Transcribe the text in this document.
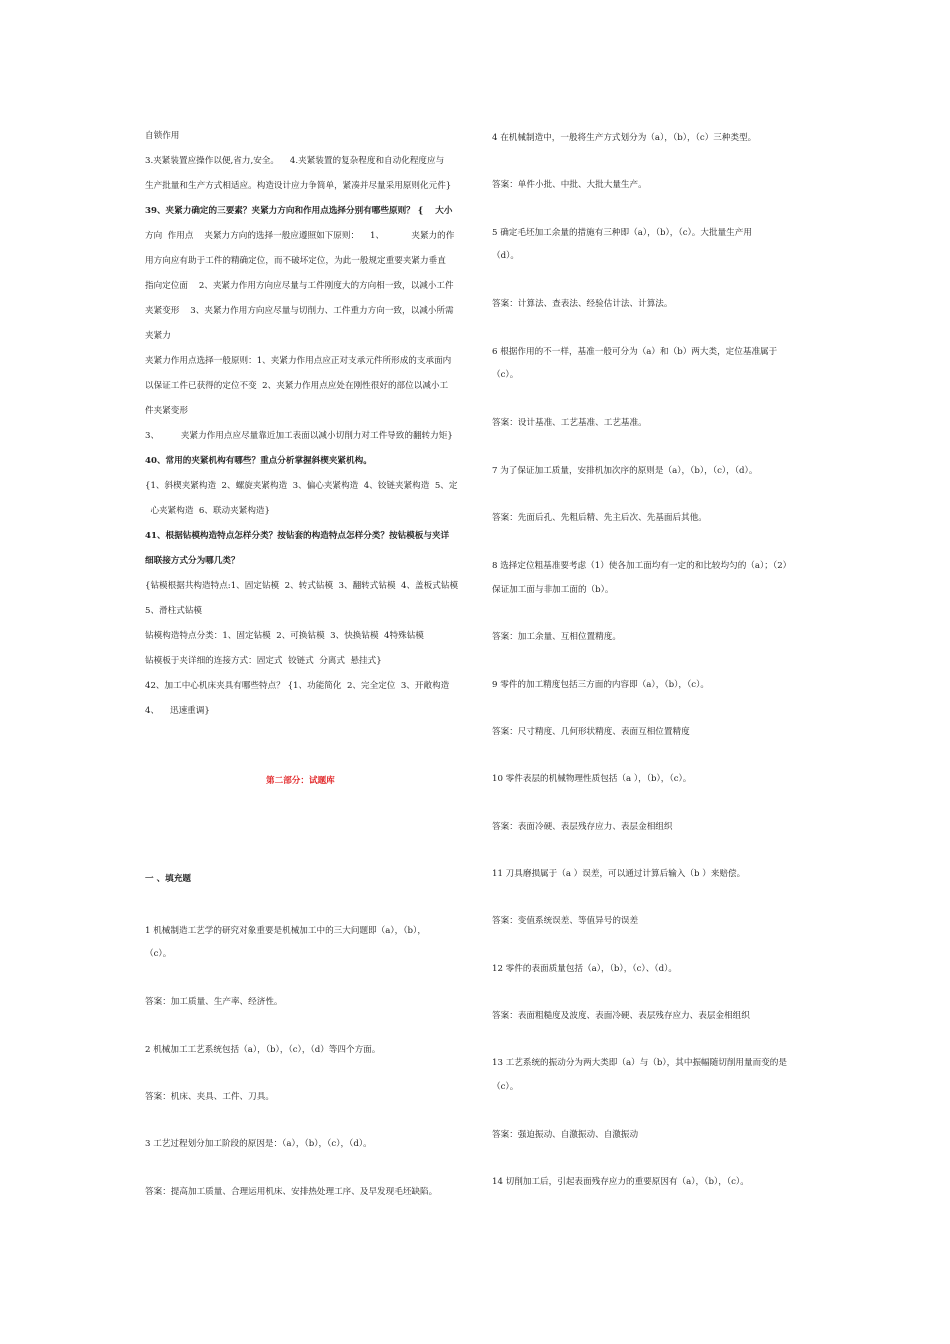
自锁作用
3.夹紧装置应操作以便,省力,安全。    4.夹紧装置的复杂程度和自动化程度应与
生产批量和生产方式相适应。构造设计应力争简单，紧凑并尽量采用原则化元件}
39、夹紧力确定的三要素？夹紧力方向和作用点选择分别有哪些原则？ {    大小
方向  作用点    夹紧力方向的选择一般应遵照如下原则：    1、          夹紧力的作
用方向应有助于工件的精确定位，而不破坏定位，为此一般规定重要夹紧力垂直
指向定位面    2、夹紧力作用方向应尽量与工件刚度大的方向相一致，以减小工件
夹紧变形    3、夹紧力作用方向应尽量与切削力、工件重力方向一致，以减小所需
夹紧力
夹紧力作用点选择一般原则：1、夹紧力作用点应正对支承元件所形成的支承面内
以保证工件已获得的定位不变  2、夹紧力作用点应处在刚性很好的部位以减小工
件夹紧变形
3、        夹紧力作用点应尽量靠近加工表面以减小切削力对工件导致的翻转力矩}
40、常用的夹紧机构有哪些？重点分析掌握斜楔夹紧机构。
{1、斜楔夹紧构造  2、螺旋夹紧构造  3、偏心夹紧构造  4、铰链夹紧构造  5、定
心夹紧构造  6、联动夹紧构造}
41、根据钻模构造特点怎样分类？按钻套的构造特点怎样分类？按钻模板与夹详
细联接方式分为哪几类？
{钻模根据共构造特点:1、固定钻模  2、转式钻模  3、翻转式钻模  4、盖板式钻模
5、滑柱式钻模
钻模构造特点分类：1、固定钻模  2、可换钻模  3、快换钻模  4特殊钻模
钻模板于夹详细的连接方式：固定式  铰链式  分离式  悬挂式}
42、加工中心机床夹具有哪些特点？ {1、功能简化  2、完全定位  3、开敞构造
4、    迅速重调}
第二部分：试题库
一 、填充题
1 机械制造工艺学的研究对象重要是机械加工中的三大问题即（a），（b），
（c）。
答案：加工质量、生产率、经济性。
2 机械加工工艺系统包括（a），（b），（c），（d）等四个方面。
答案：机床、夹具、工件、刀具。
3 工艺过程划分加工阶段的原因是：（a），（b），（c），（d）。
答案：提高加工质量、合理运用机床、安排热处理工序、及早发现毛坯缺陷。
4 在机械制造中，一般将生产方式划分为（a），（b），（c）三种类型。
答案：单件小批、中批、大批大量生产。
5 确定毛坯加工余量的措施有三种即（a），（b），（c）。大批量生产用
（d）。
答案：计算法、查表法、经验估计法、计算法。
6 根据作用的不一样，基准一般可分为（a）和（b）两大类，定位基准属于
（c）。
答案：设计基准、工艺基准、工艺基准。
7 为了保证加工质量，安排机加次序的原则是（a），（b），（c），（d）。
答案：先面后孔、先粗后精、先主后次、先基面后其他。
8 选择定位粗基准要考虑（1）使各加工面均有一定的和比较均匀的（a）；（2）
保证加工面与非加工面的（b）。
答案：加工余量、互相位置精度。
9 零件的加工精度包括三方面的内容即（a），（b），（c）。
答案：尺寸精度、几何形状精度、表面互相位置精度
10 零件表层的机械物理性质包括（a ），（b），（c）。
答案：表面冷硬、表层残存应力、表层金相组织
11 刀具磨损属于（a ）误差，可以通过计算后输入（b ）来赔偿。
答案：变值系统误差、等值异号的误差
12 零件的表面质量包括（a），（b），（c）、（d）。
答案：表面粗糙度及波度、表面冷硬、表层残存应力、表层金相组织
13 工艺系统的振动分为两大类即（a）与（b），其中振幅随切削用量而变的是
（c）。
答案：强迫振动、自激振动、自激振动
14 切削加工后，引起表面残存应力的重要原因有（a），（b），（c）。
